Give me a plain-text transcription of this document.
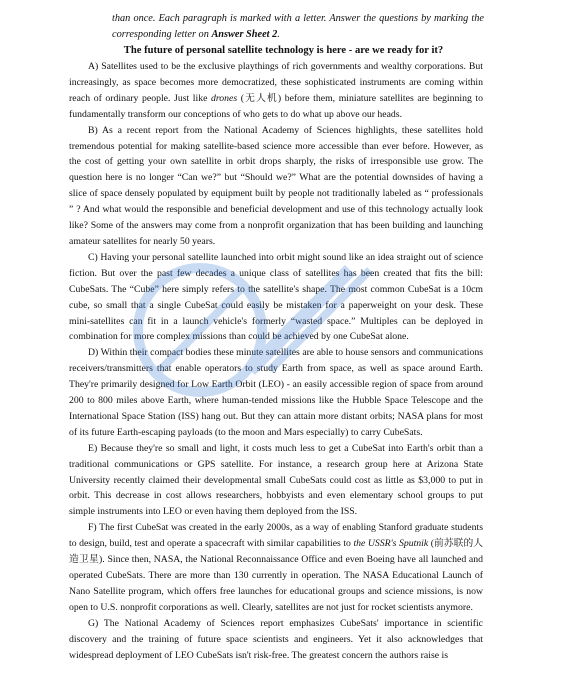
than once. Each paragraph is marked with a letter. Answer the questions by marking the corresponding letter on Answer Sheet 2.
The future of personal satellite technology is here - are we ready for it?

A) Satellites used to be the exclusive playthings of rich governments and wealthy corporations. But increasingly, as space becomes more democratized, these sophisticated instruments are coming within reach of ordinary people. Just like drones (无人机) before them, miniature satellites are beginning to fundamentally transform our conceptions of who gets to do what up above our heads.

B) As a recent report from the National Academy of Sciences highlights, these satellites hold tremendous potential for making satellite-based science more accessible than ever before. However, as the cost of getting your own satellite in orbit drops sharply, the risks of irresponsible use grow. The question here is no longer “Can we?” but “Should we?” What are the potential downsides of having a slice of space densely populated by equipment built by people not traditionally labeled as “ professionals ” ? And what would the responsible and beneficial development and use of this technology actually look like? Some of the answers may come from a nonprofit organization that has been building and launching amateur satellites for nearly 50 years.

C) Having your personal satellite launched into orbit might sound like an idea straight out of science fiction. But over the past few decades a unique class of satellites has been created that fits the bill: CubeSats. The “Cube” here simply refers to the satellite's shape. The most common CubeSat is a 10cm cube, so small that a single CubeSat could easily be mistaken for a paperweight on your desk. These mini-satellites can fit in a launch vehicle's formerly “wasted space.” Multiples can be deployed in combination for more complex missions than could be achieved by one CubeSat alone.

D) Within their compact bodies these minute satellites are able to house sensors and communications receivers/transmitters that enable operators to study Earth from space, as well as space around Earth. They're primarily designed for Low Earth Orbit (LEO) - an easily accessible region of space from around 200 to 800 miles above Earth, where human-tended missions like the Hubble Space Telescope and the International Space Station (ISS) hang out. But they can attain more distant orbits; NASA plans for most of its future Earth-escaping payloads (to the moon and Mars especially) to carry CubeSats.

E) Because they're so small and light, it costs much less to get a CubeSat into Earth's orbit than a traditional communications or GPS satellite. For instance, a research group here at Arizona State University recently claimed their developmental small CubeSats could cost as little as $3,000 to put in orbit. This decrease in cost allows researchers, hobbyists and even elementary school groups to put simple instruments into LEO or even having them deployed from the ISS.

F) The first CubeSat was created in the early 2000s, as a way of enabling Stanford graduate students to design, build, test and operate a spacecraft with similar capabilities to the USSR's Sputnik (前苏联的人造卫星). Since then, NASA, the National Reconnaissance Office and even Boeing have all launched and operated CubeSats. There are more than 130 currently in operation. The NASA Educational Launch of Nano Satellite program, which offers free launches for educational groups and science missions, is now open to U.S. nonprofit corporations as well. Clearly, satellites are not just for rocket scientists anymore.

G) The National Academy of Sciences report emphasizes CubeSats' importance in scientific discovery and the training of future space scientists and engineers. Yet it also acknowledges that widespread deployment of LEO CubeSats isn't risk-free. The greatest concern the authors raise is
